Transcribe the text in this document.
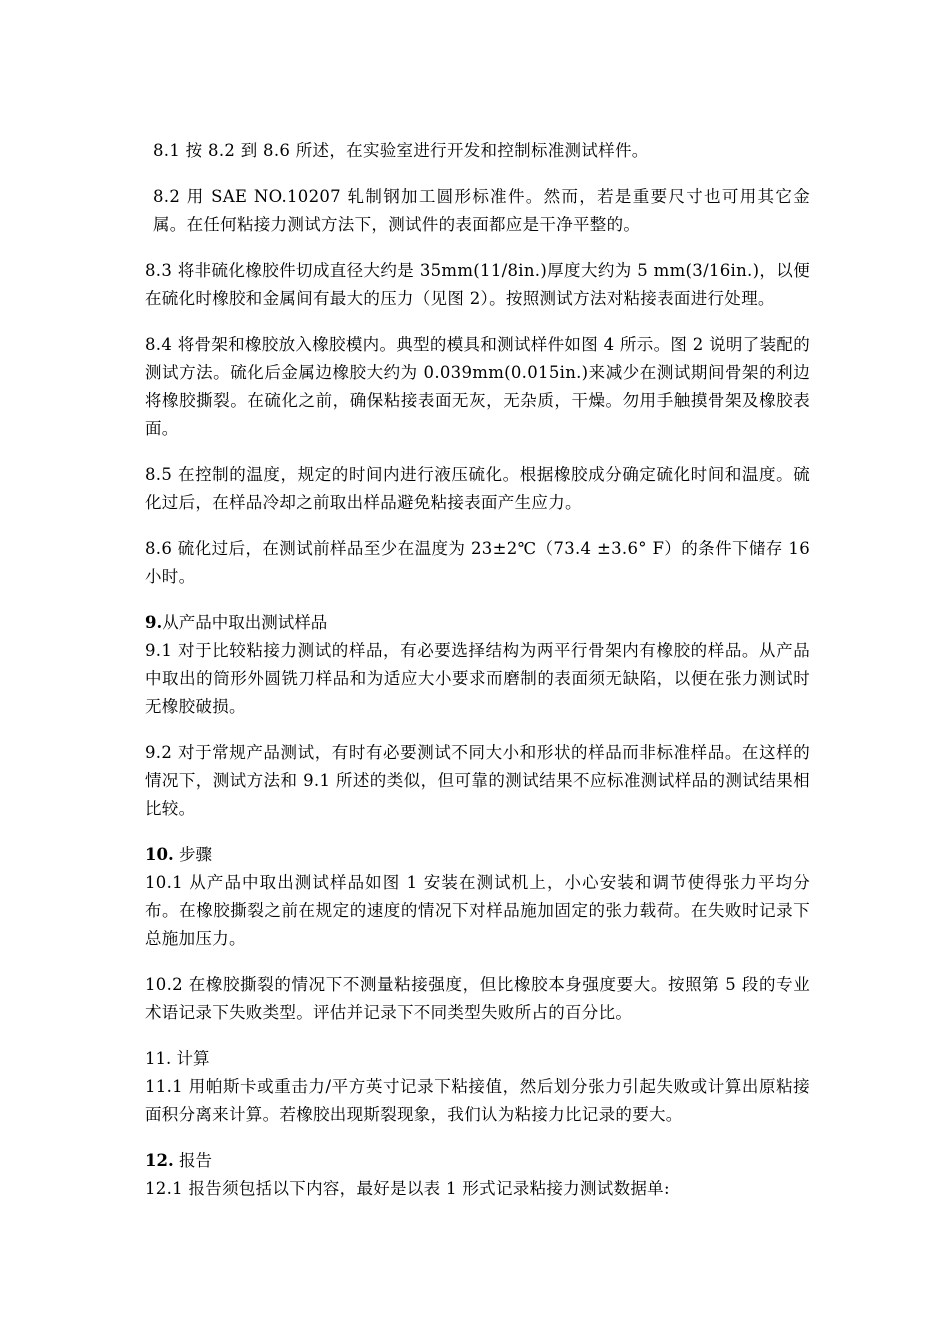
8.1 按 8.2 到 8.6 所述，在实验室进行开发和控制标准测试样件。

8.2 用 SAE NO.10207 轧制钢加工圆形标准件。然而，若是重要尺寸也可用其它金属。在任何粘接力测试方法下，测试件的表面都应是干净平整的。

8.3 将非硫化橡胶件切成直径大约是 35mm(11/8in.)厚度大约为 5 mm(3/16in.)，以便在硫化时橡胶和金属间有最大的压力（见图 2）。按照测试方法对粘接表面进行处理。

8.4 将骨架和橡胶放入橡胶模内。典型的模具和测试样件如图 4 所示。图 2 说明了装配的测试方法。硫化后金属边橡胶大约为 0.039mm(0.015in.)来减少在测试期间骨架的利边将橡胶撕裂。在硫化之前，确保粘接表面无灰，无杂质，干燥。勿用手触摸骨架及橡胶表面。

8.5 在控制的温度，规定的时间内进行液压硫化。根据橡胶成分确定硫化时间和温度。硫化过后，在样品冷却之前取出样品避免粘接表面产生应力。

8.6 硫化过后，在测试前样品至少在温度为 23±2℃（73.4 ±3.6° F）的条件下储存 16 小时。

9.从产品中取出测试样品

9.1 对于比较粘接力测试的样品，有必要选择结构为两平行骨架内有橡胶的样品。从产品中取出的筒形外圆铣刀样品和为适应大小要求而磨制的表面须无缺陷，以便在张力测试时无橡胶破损。

9.2 对于常规产品测试，有时有必要测试不同大小和形状的样品而非标准样品。在这样的情况下，测试方法和 9.1 所述的类似，但可靠的测试结果不应标准测试样品的测试结果相比较。

10. 步骤

10.1 从产品中取出测试样品如图 1 安装在测试机上，小心安装和调节使得张力平均分布。在橡胶撕裂之前在规定的速度的情况下对样品施加固定的张力载荷。在失败时记录下总施加压力。

10.2 在橡胶撕裂的情况下不测量粘接强度，但比橡胶本身强度要大。按照第 5 段的专业术语记录下失败类型。评估并记录下不同类型失败所占的百分比。

11. 计算

11.1 用帕斯卡或重击力/平方英寸记录下粘接值，然后划分张力引起失败或计算出原粘接面积分离来计算。若橡胶出现斯裂现象，我们认为粘接力比记录的要大。

12. 报告

12.1 报告须包括以下内容，最好是以表 1 形式记录粘接力测试数据单:
